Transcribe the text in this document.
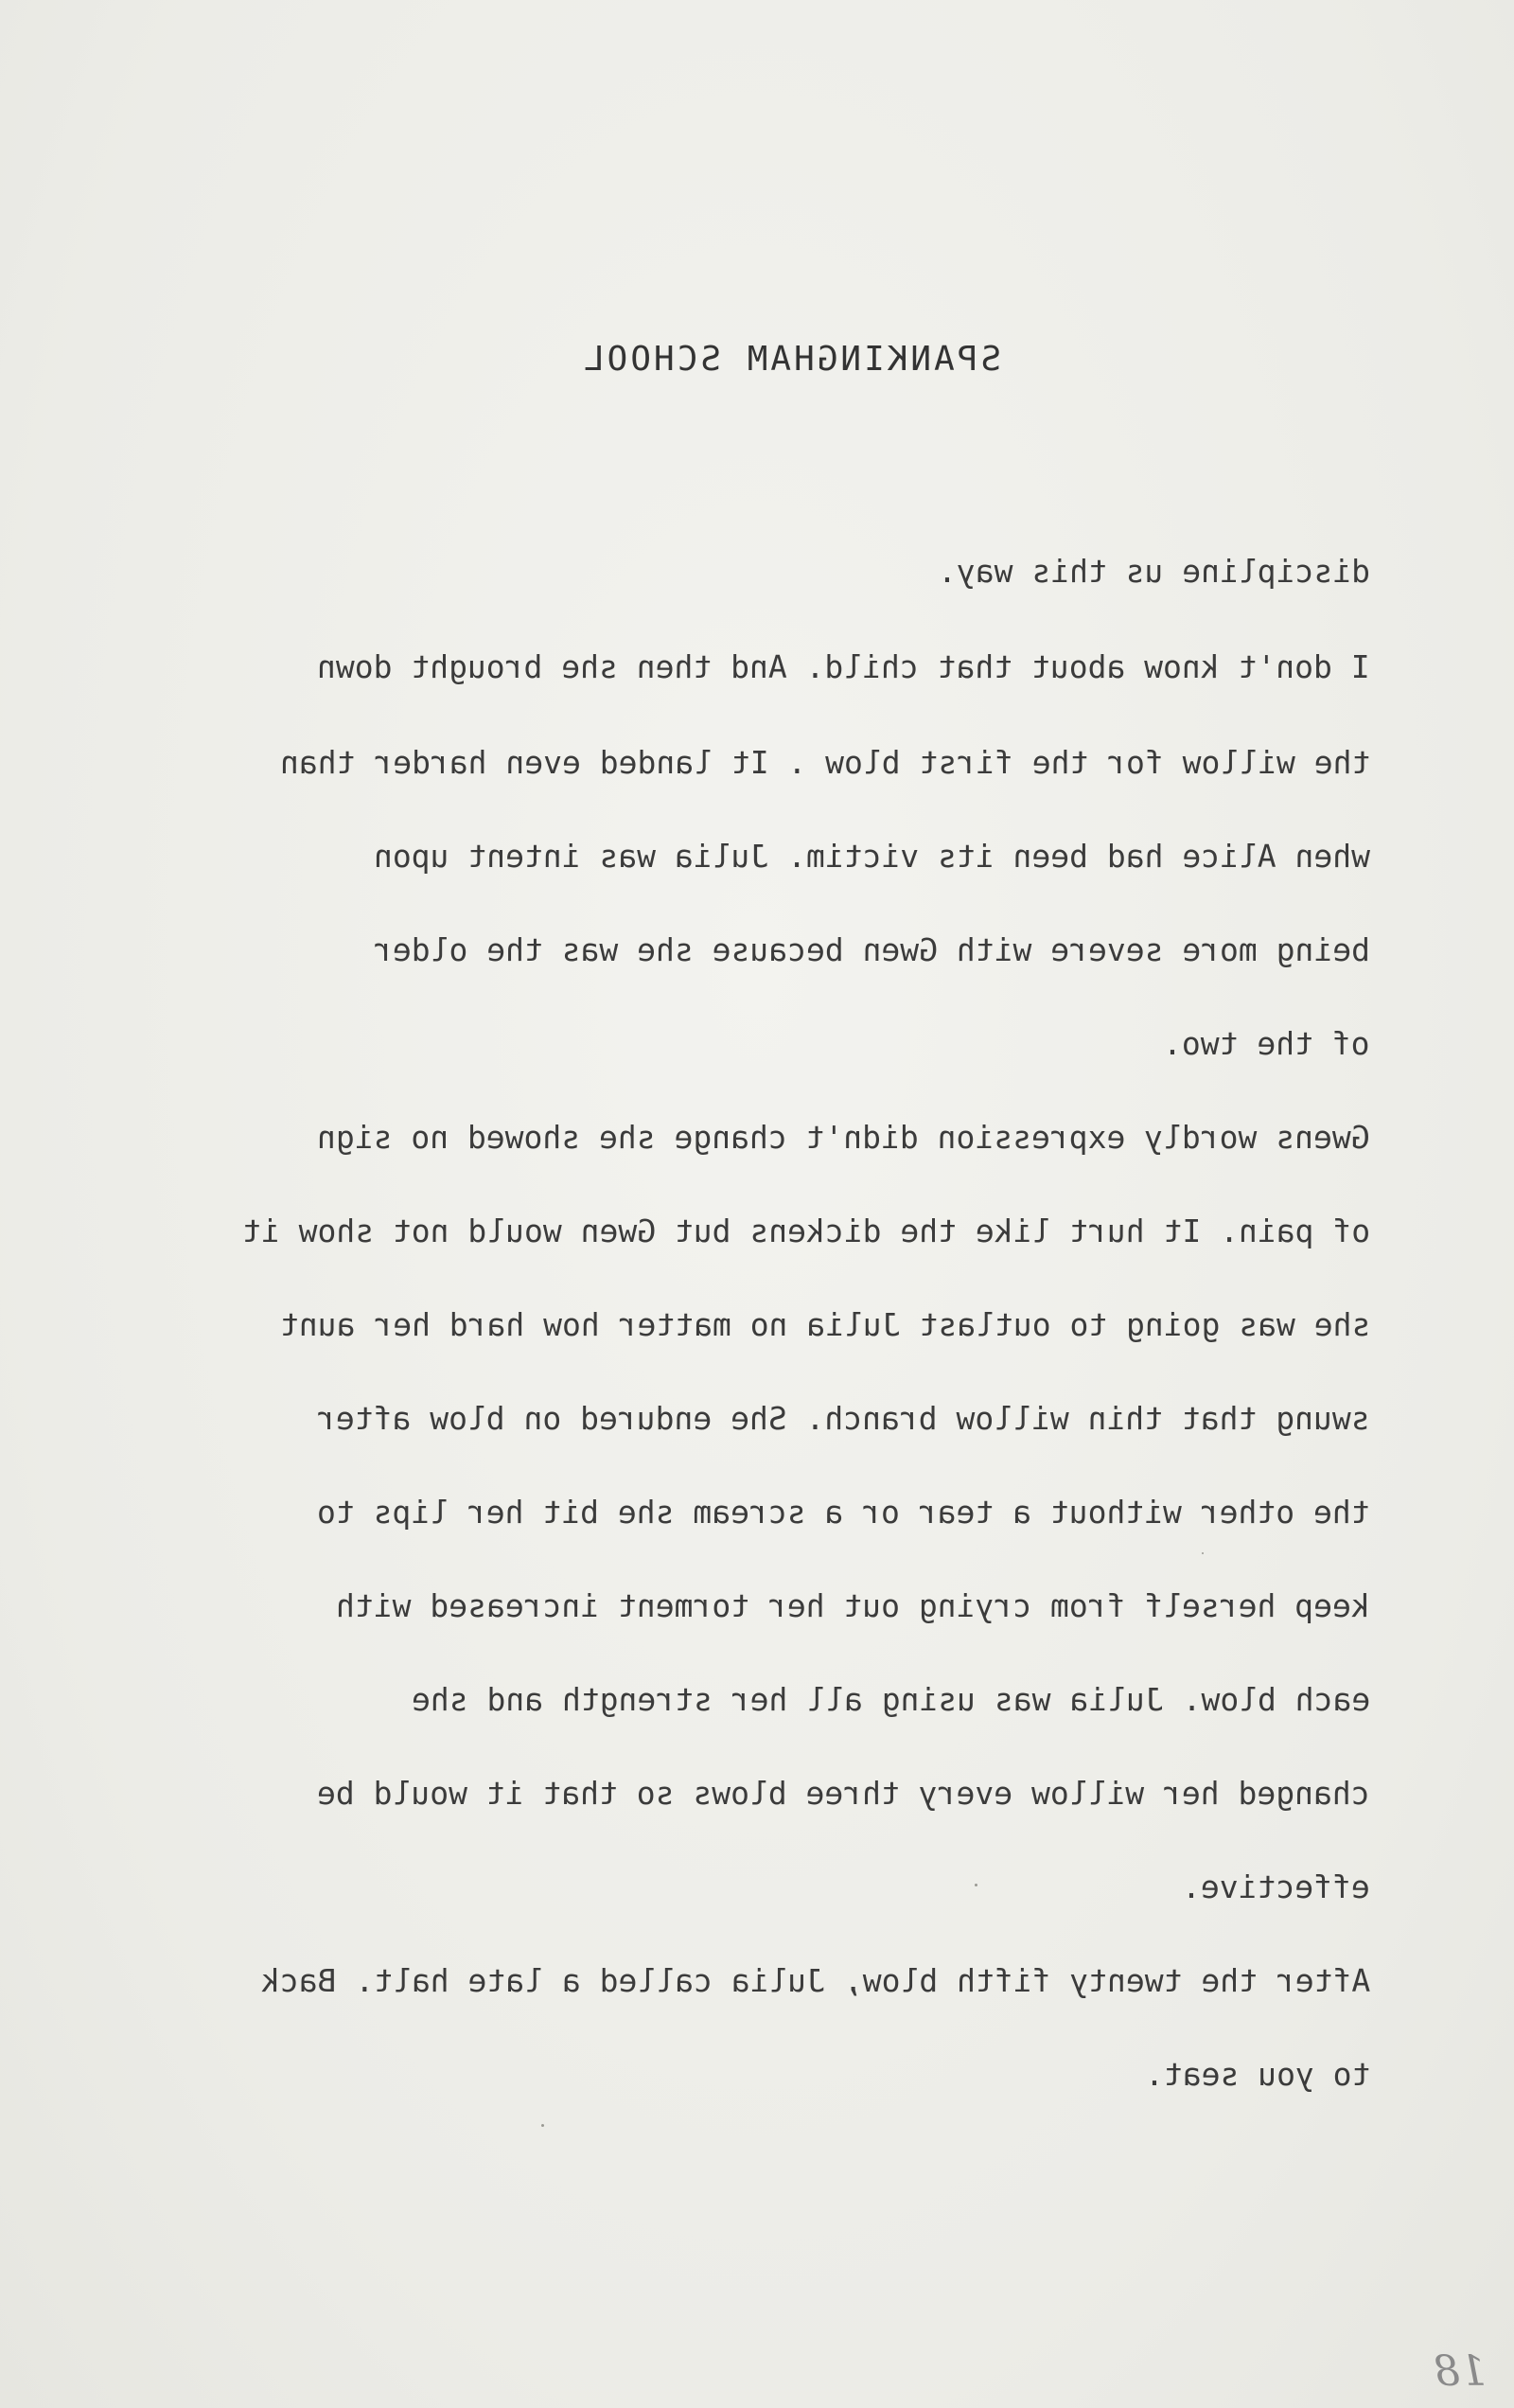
SPANKINGHAM SCHOOL
discipline us this way.
I don't know about that child. And then she brought down
the willow for the first blow . It landed even harder than
when Alice had been its victim. Julia was intent upon
being more severe with Gwen because she was the older
of the two.
Gwens wordly expression didn't change she showed no sign
of pain. It hurt like the dickens but Gwen would not show it
she was going to outlast Julia no matter how hard her aunt
swung that thin willow branch. She endured on blow after
the other without a tear or a scream she bit her lips to
keep herself from crying out her torment increased with
each blow. Julia was using all her strength and she
changed her willow every three blows so that it would be
effective.
After the twenty fifth blow, Julia called a late halt. Back
to you seat.
18
